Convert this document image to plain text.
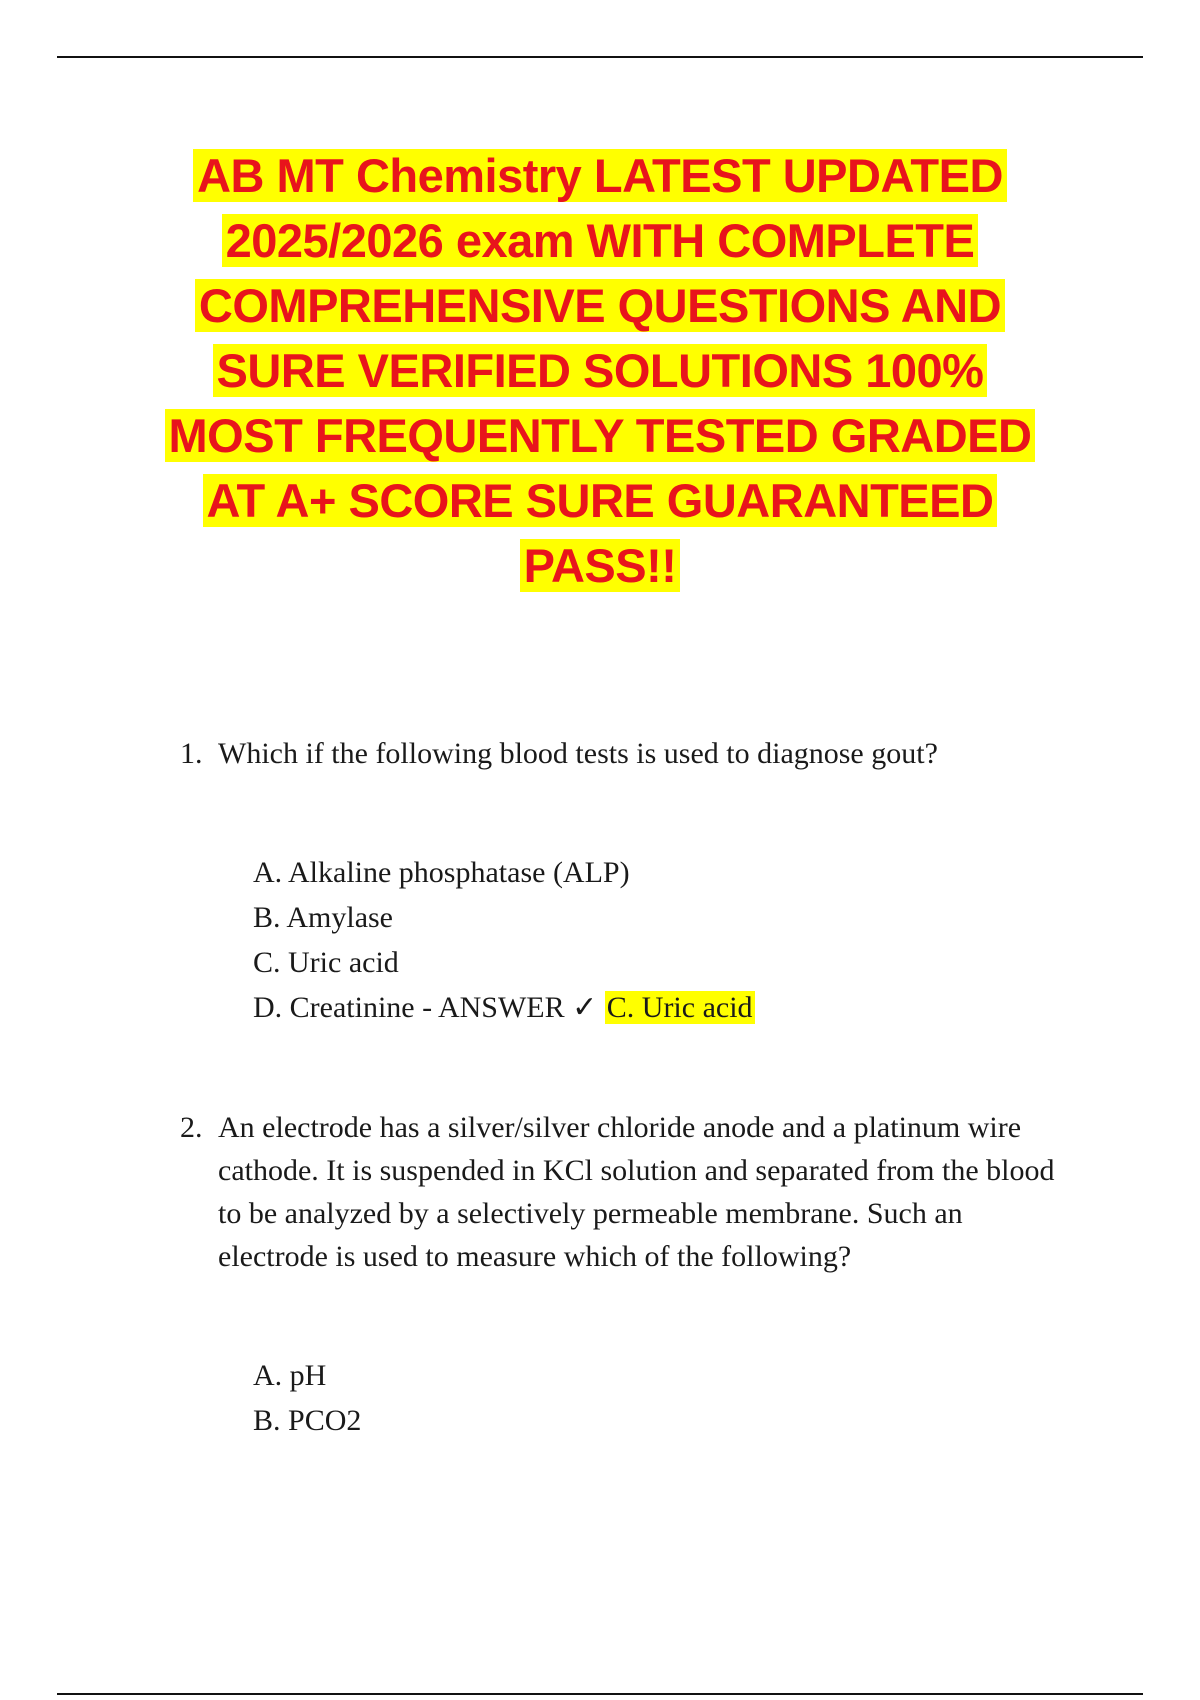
AB MT Chemistry LATEST UPDATED
2025/2026 exam WITH COMPLETE
COMPREHENSIVE QUESTIONS AND
SURE VERIFIED SOLUTIONS 100%
MOST FREQUENTLY TESTED GRADED
AT A+ SCORE SURE GUARANTEED
PASS!!
1. Which if the following blood tests is used to diagnose gout?
A. Alkaline phosphatase (ALP)
B. Amylase
C. Uric acid
D. Creatinine - ANSWER ✓ C. Uric acid
2. An electrode has a silver/silver chloride anode and a platinum wire cathode. It is suspended in KCl solution and separated from the blood to be analyzed by a selectively permeable membrane. Such an electrode is used to measure which of the following?
A. pH
B. PCO2
